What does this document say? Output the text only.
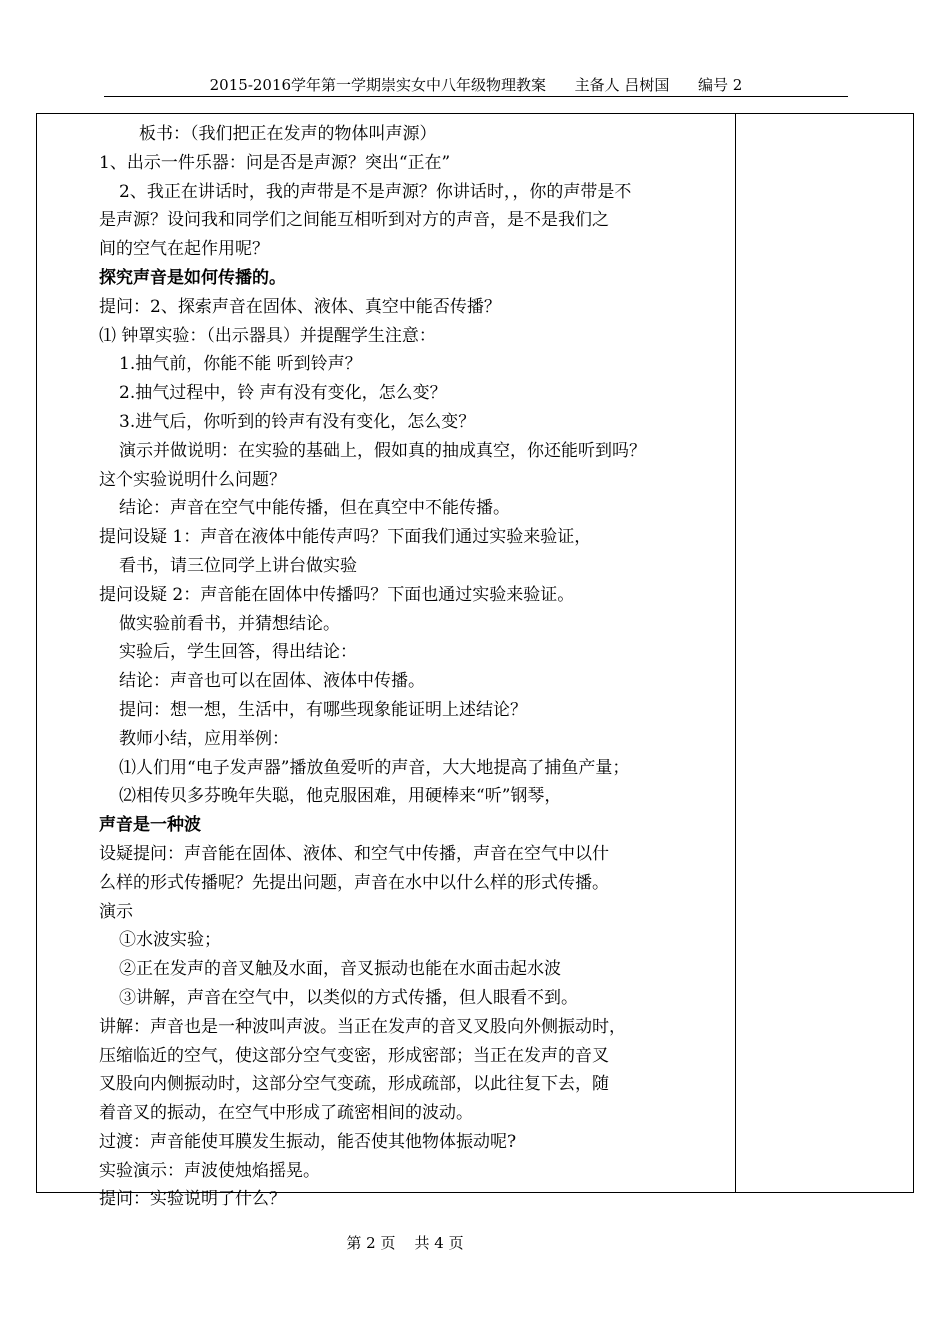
2015-2016学年第一学期崇实女中八年级物理教案      主备人 吕树国      编号 2
板书：（我们把正在发声的物体叫声源）
1、出示一件乐器：问是否是声源？突出“正在”
2、我正在讲话时，我的声带是不是声源？你讲话时，，你的声带是不
是声源？设问我和同学们之间能互相听到对方的声音，是不是我们之
间的空气在起作用呢？
探究声音是如何传播的。
提问：2、探索声音在固体、液体、真空中能否传播？
⑴ 钟罩实验：（出示器具）并提醒学生注意：
1.抽气前，你能不能 听到铃声？
2.抽气过程中，铃 声有没有变化，怎么变？
3.进气后，你听到的铃声有没有变化，怎么变？
演示并做说明：在实验的基础上，假如真的抽成真空，你还能听到吗？
这个实验说明什么问题？
结论：声音在空气中能传播，但在真空中不能传播。
提问设疑 1：声音在液体中能传声吗？下面我们通过实验来验证，
看书，请三位同学上讲台做实验
提问设疑 2：声音能在固体中传播吗？下面也通过实验来验证。
做实验前看书，并猜想结论。
实验后，学生回答，得出结论：
结论：声音也可以在固体、液体中传播。
提问：想一想，生活中，有哪些现象能证明上述结论？
教师小结，应用举例：
⑴人们用“电子发声器”播放鱼爱听的声音，大大地提高了捕鱼产量；
⑵相传贝多芬晚年失聪，他克服困难，用硬棒来“听”钢琴，
声音是一种波
设疑提问：声音能在固体、液体、和空气中传播，声音在空气中以什
么样的形式传播呢？先提出问题，声音在水中以什么样的形式传播。
演示
①水波实验；
②正在发声的音叉触及水面，音叉振动也能在水面击起水波
③讲解，声音在空气中，以类似的方式传播，但人眼看不到。
讲解：声音也是一种波叫声波。当正在发声的音叉叉股向外侧振动时，
压缩临近的空气，使这部分空气变密，形成密部；当正在发声的音叉
叉股向内侧振动时，这部分空气变疏，形成疏部，以此往复下去，随
着音叉的振动，在空气中形成了疏密相间的波动。
过渡：声音能使耳膜发生振动，能否使其他物体振动呢?
实验演示：声波使烛焰摇晃。
提问：实验说明了什么？
第 2 页    共 4 页
